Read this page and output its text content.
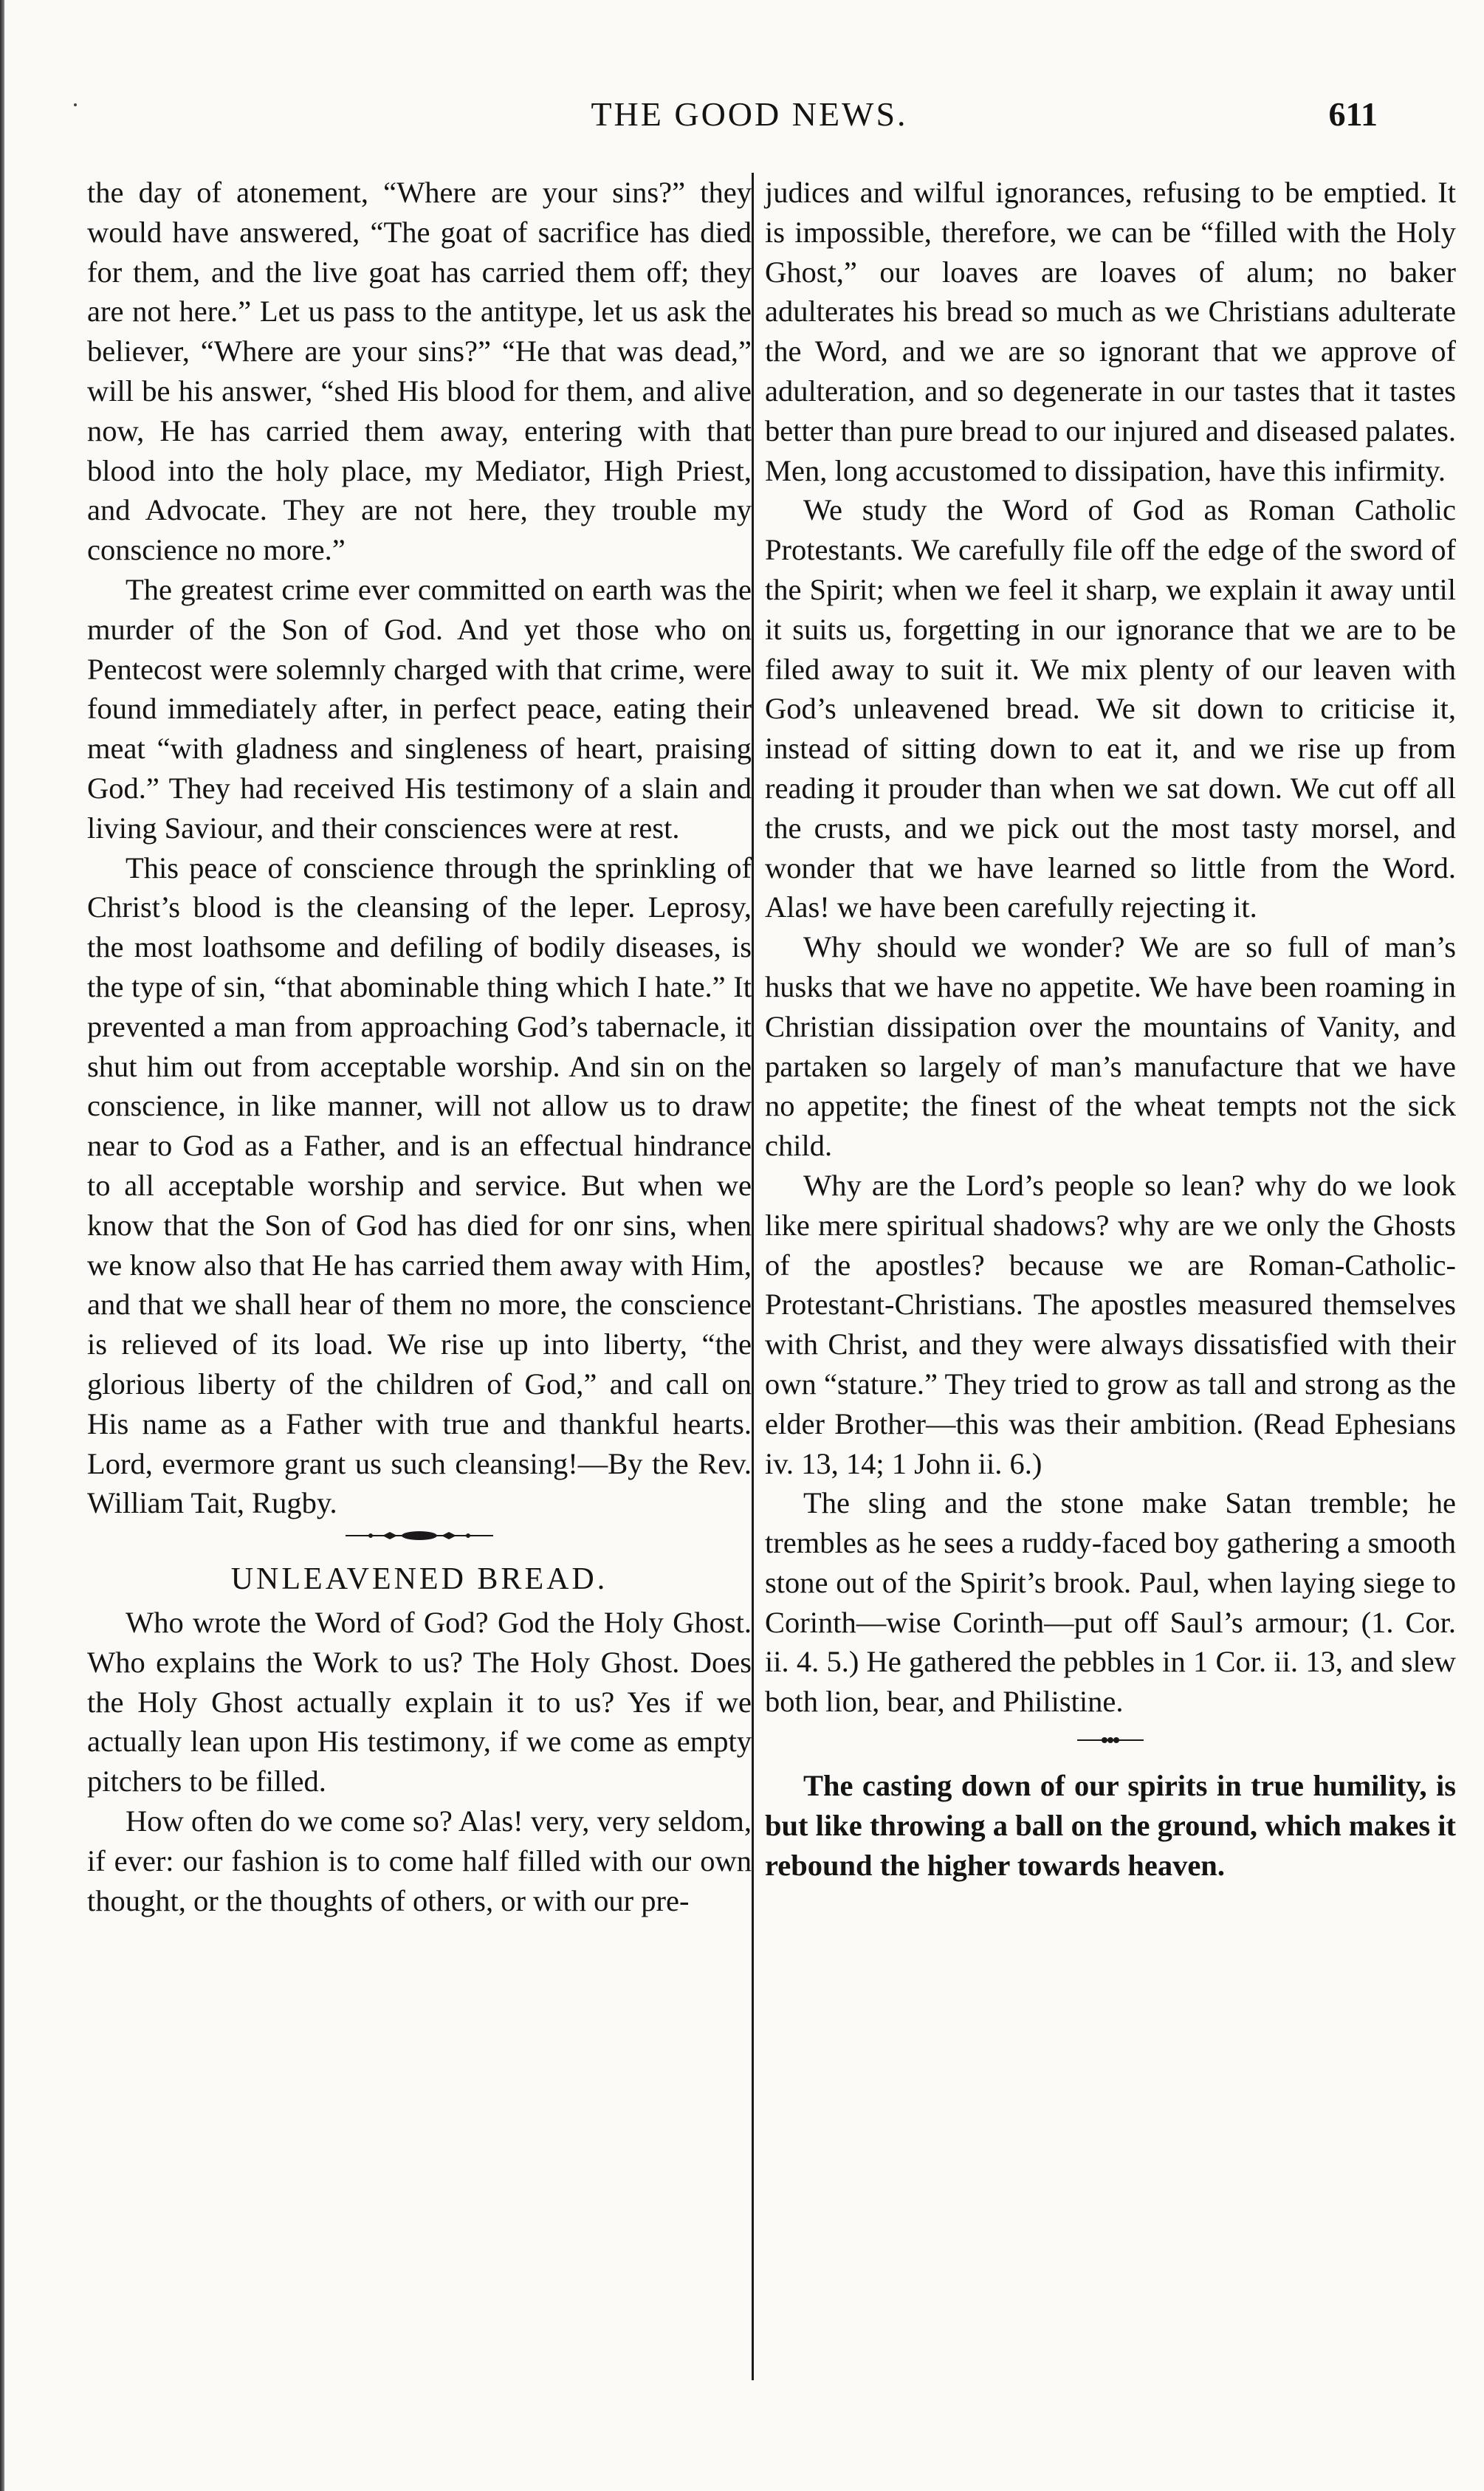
THE GOOD NEWS.	611

the day of atonement, “Where are your sins?” they would have answered, “The goat of sacrifice has died for them, and the live goat has carried them off; they are not here.” Let us pass to the antitype, let us ask the believer, “Where are your sins?” “He that was dead,” will be his answer, “shed His blood for them, and alive now, He has carried them away, entering with that blood into the holy place, my Mediator, High Priest, and Advocate. They are not here, they trouble my conscience no more.”

The greatest crime ever committed on earth was the murder of the Son of God. And yet those who on Pentecost were solemnly charged with that crime, were found immediately after, in perfect peace, eating their meat “with gladness and singleness of heart, praising God.” They had received His testimony of a slain and living Saviour, and their consciences were at rest.

This peace of conscience through the sprinkling of Christ’s blood is the cleansing of the leper. Leprosy, the most loathsome and defiling of bodily diseases, is the type of sin, “that abominable thing which I hate.” It prevented a man from approaching God’s tabernacle, it shut him out from acceptable worship. And sin on the conscience, in like manner, will not allow us to draw near to God as a Father, and is an effectual hindrance to all acceptable worship and service. But when we know that the Son of God has died for onr sins, when we know also that He has carried them away with Him, and that we shall hear of them no more, the conscience is relieved of its load. We rise up into liberty, “the glorious liberty of the children of God,” and call on His name as a Father with true and thankful hearts. Lord, evermore grant us such cleansing!—By the Rev. William Tait, Rugby.

UNLEAVENED BREAD.

Who wrote the Word of God? God the Holy Ghost. Who explains the Work to us? The Holy Ghost. Does the Holy Ghost actually explain it to us? Yes if we actually lean upon His testimony, if we come as empty pitchers to be filled.

How often do we come so? Alas! very, very seldom, if ever: our fashion is to come half filled with our own thought, or the thoughts of others, or with our pre-

judices and wilful ignorances, refusing to be emptied. It is impossible, therefore, we can be “filled with the Holy Ghost,” our loaves are loaves of alum; no baker adulterates his bread so much as we Christians adulterate the Word, and we are so ignorant that we approve of adulteration, and so degenerate in our tastes that it tastes better than pure bread to our injured and diseased palates. Men, long accustomed to dissipation, have this infirmity.

We study the Word of God as Roman Catholic Protestants. We carefully file off the edge of the sword of the Spirit; when we feel it sharp, we explain it away until it suits us, forgetting in our ignorance that we are to be filed away to suit it. We mix plenty of our leaven with God’s unleavened bread. We sit down to criticise it, instead of sitting down to eat it, and we rise up from reading it prouder than when we sat down. We cut off all the crusts, and we pick out the most tasty morsel, and wonder that we have learned so little from the Word. Alas! we have been carefully rejecting it.

Why should we wonder? We are so full of man’s husks that we have no appetite. We have been roaming in Christian dissipation over the mountains of Vanity, and partaken so largely of man’s manufacture that we have no appetite; the finest of the wheat tempts not the sick child.

Why are the Lord’s people so lean? why do we look like mere spiritual shadows? why are we only the Ghosts of the apostles? because we are Roman-Catholic-Protestant-Christians. The apostles measured themselves with Christ, and they were always dissatisfied with their own “stature.” They tried to grow as tall and strong as the elder Brother—this was their ambition. (Read Ephesians iv. 13, 14; 1 John ii. 6.)

The sling and the stone make Satan tremble; he trembles as he sees a ruddy-faced boy gathering a smooth stone out of the Spirit’s brook. Paul, when laying siege to Corinth—wise Corinth—put off Saul’s armour; (1. Cor. ii. 4. 5.) He gathered the pebbles in 1 Cor. ii. 13, and slew both lion, bear, and Philistine.

The casting down of our spirits in true humility, is but like throwing a ball on the ground, which makes it rebound the higher towards heaven.
